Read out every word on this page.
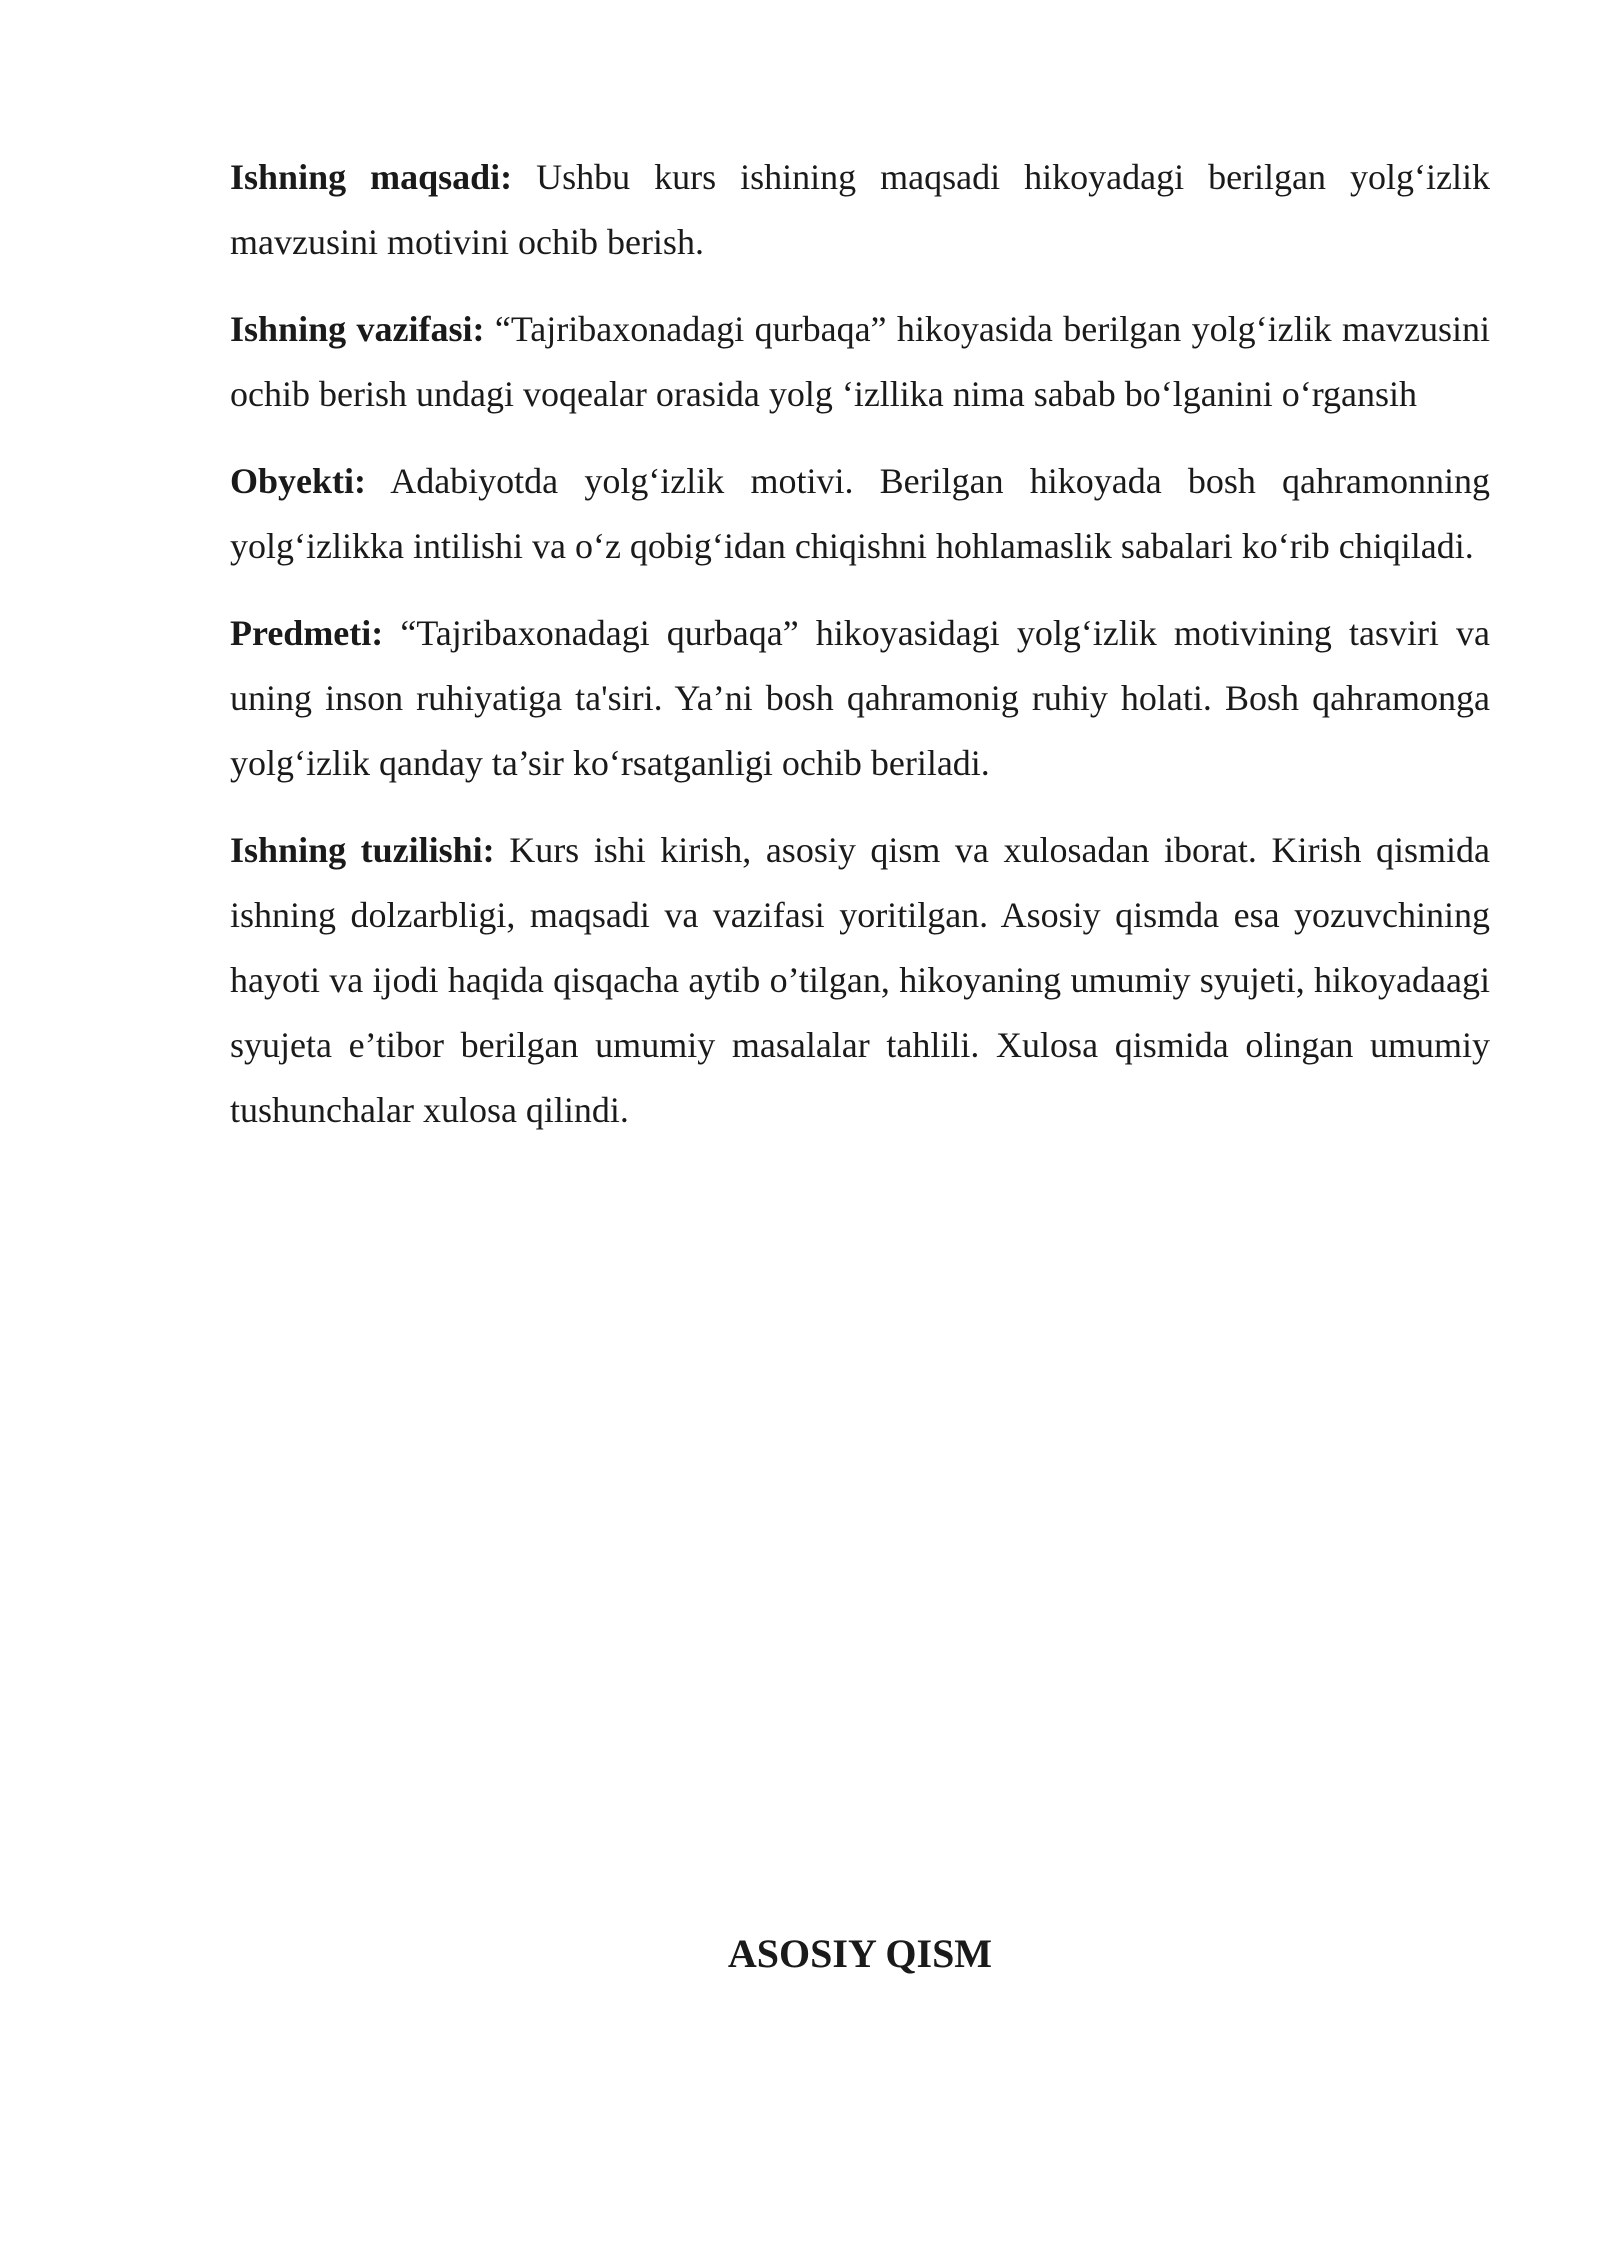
Ishning maqsadi: Ushbu kurs ishining maqsadi hikoyadagi berilgan yolg‘izlik mavzusini motivini ochib berish.

Ishning vazifasi: “Tajribaxonadagi qurbaqa” hikoyasida berilgan yolg‘izlik mavzusini ochib berish undagi voqealar orasida yolg ‘izllika nima sabab bo‘lganini o‘rgansih

Obyekti: Adabiyotda yolg‘izlik motivi. Berilgan hikoyada bosh qahramonning yolg‘izlikka intilishi va o‘z qobig‘idan chiqishni hohlamaslik sabalari ko‘rib chiqiladi.

Predmeti: “Tajribaxonadagi qurbaqa” hikoyasidagi yolg‘izlik motivining tasviri va uning inson ruhiyatiga ta'siri. Ya’ni bosh qahramonig ruhiy holati. Bosh qahramonga yolg‘izlik qanday ta’sir ko‘rsatganligi ochib beriladi.

Ishning tuzilishi: Kurs ishi kirish, asosiy qism va xulosadan iborat. Kirish qismida ishning dolzarbligi, maqsadi va vazifasi yoritilgan. Asosiy qismda esa yozuvchining hayoti va ijodi haqida qisqacha aytib o’tilgan, hikoyaning umumiy syujeti, hikoyadaagi syujeta e’tibor berilgan umumiy masalalar tahlili. Xulosa qismida olingan umumiy tushunchalar xulosa qilindi.

ASOSIY QISM
